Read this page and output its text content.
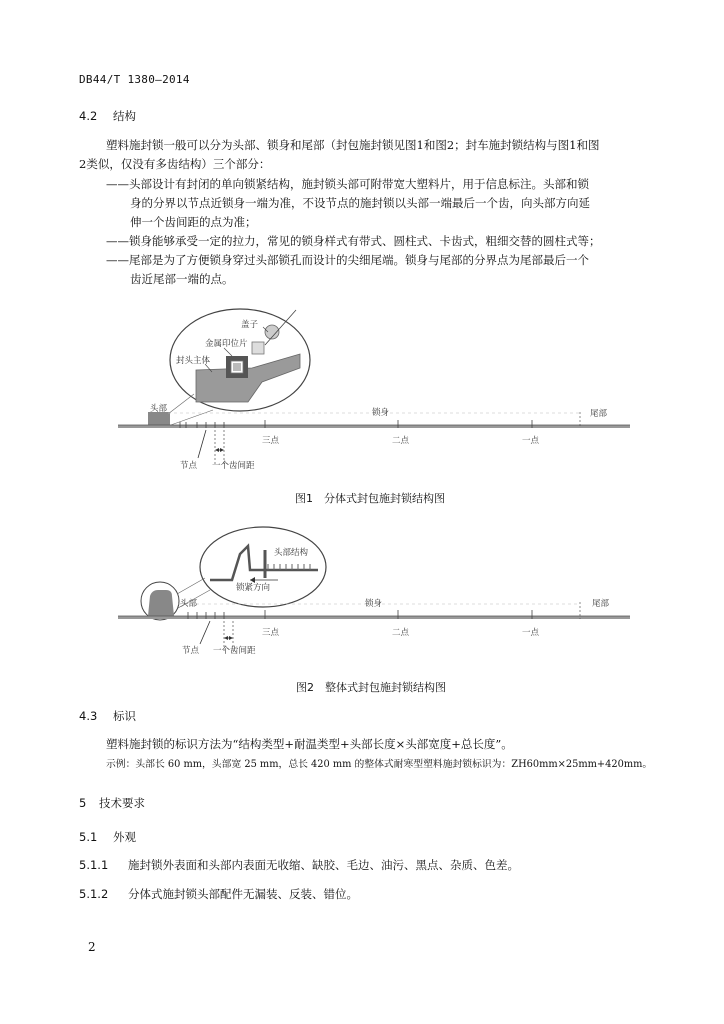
DB44/T 1380—2014
4.2 结构
塑料施封锁一般可以分为头部、锁身和尾部（封包施封锁见图1和图2；封车施封锁结构与图1和图
2类似，仅没有多齿结构）三个部分：
——头部设计有封闭的单向锁紧结构，施封锁头部可附带宽大塑料片，用于信息标注。头部和锁
身的分界以节点近锁身一端为准，不设节点的施封锁以头部一端最后一个齿，向头部方向延
伸一个齿间距的点为准；
——锁身能够承受一定的拉力，常见的锁身样式有带式、圆柱式、卡齿式，粗细交替的圆柱式等；
——尾部是为了方便锁身穿过头部锁孔而设计的尖细尾端。锁身与尾部的分界点为尾部最后一个
齿近尾部一端的点。
盖子
金属印位片
封头主体
头部	锁身	尾部
三点	二点	一点
节点 一个齿间距
图1　分体式封包施封锁结构图
头部结构
锁紧方向
头部	锁身	尾部
三点	二点	一点
节点 一个齿间距
图2　整体式封包施封锁结构图
4.3 标识
塑料施封锁的标识方法为“结构类型+耐温类型+头部长度×头部宽度+总长度”。
示例：头部长 60 mm，头部宽 25 mm，总长 420 mm 的整体式耐寒型塑料施封锁标识为：ZH60mm×25mm+420mm。
5 技术要求
5.1 外观
5.1.1 施封锁外表面和头部内表面无收缩、缺胶、毛边、油污、黑点、杂质、色差。
5.1.2 分体式施封锁头部配件无漏装、反装、错位。
2
